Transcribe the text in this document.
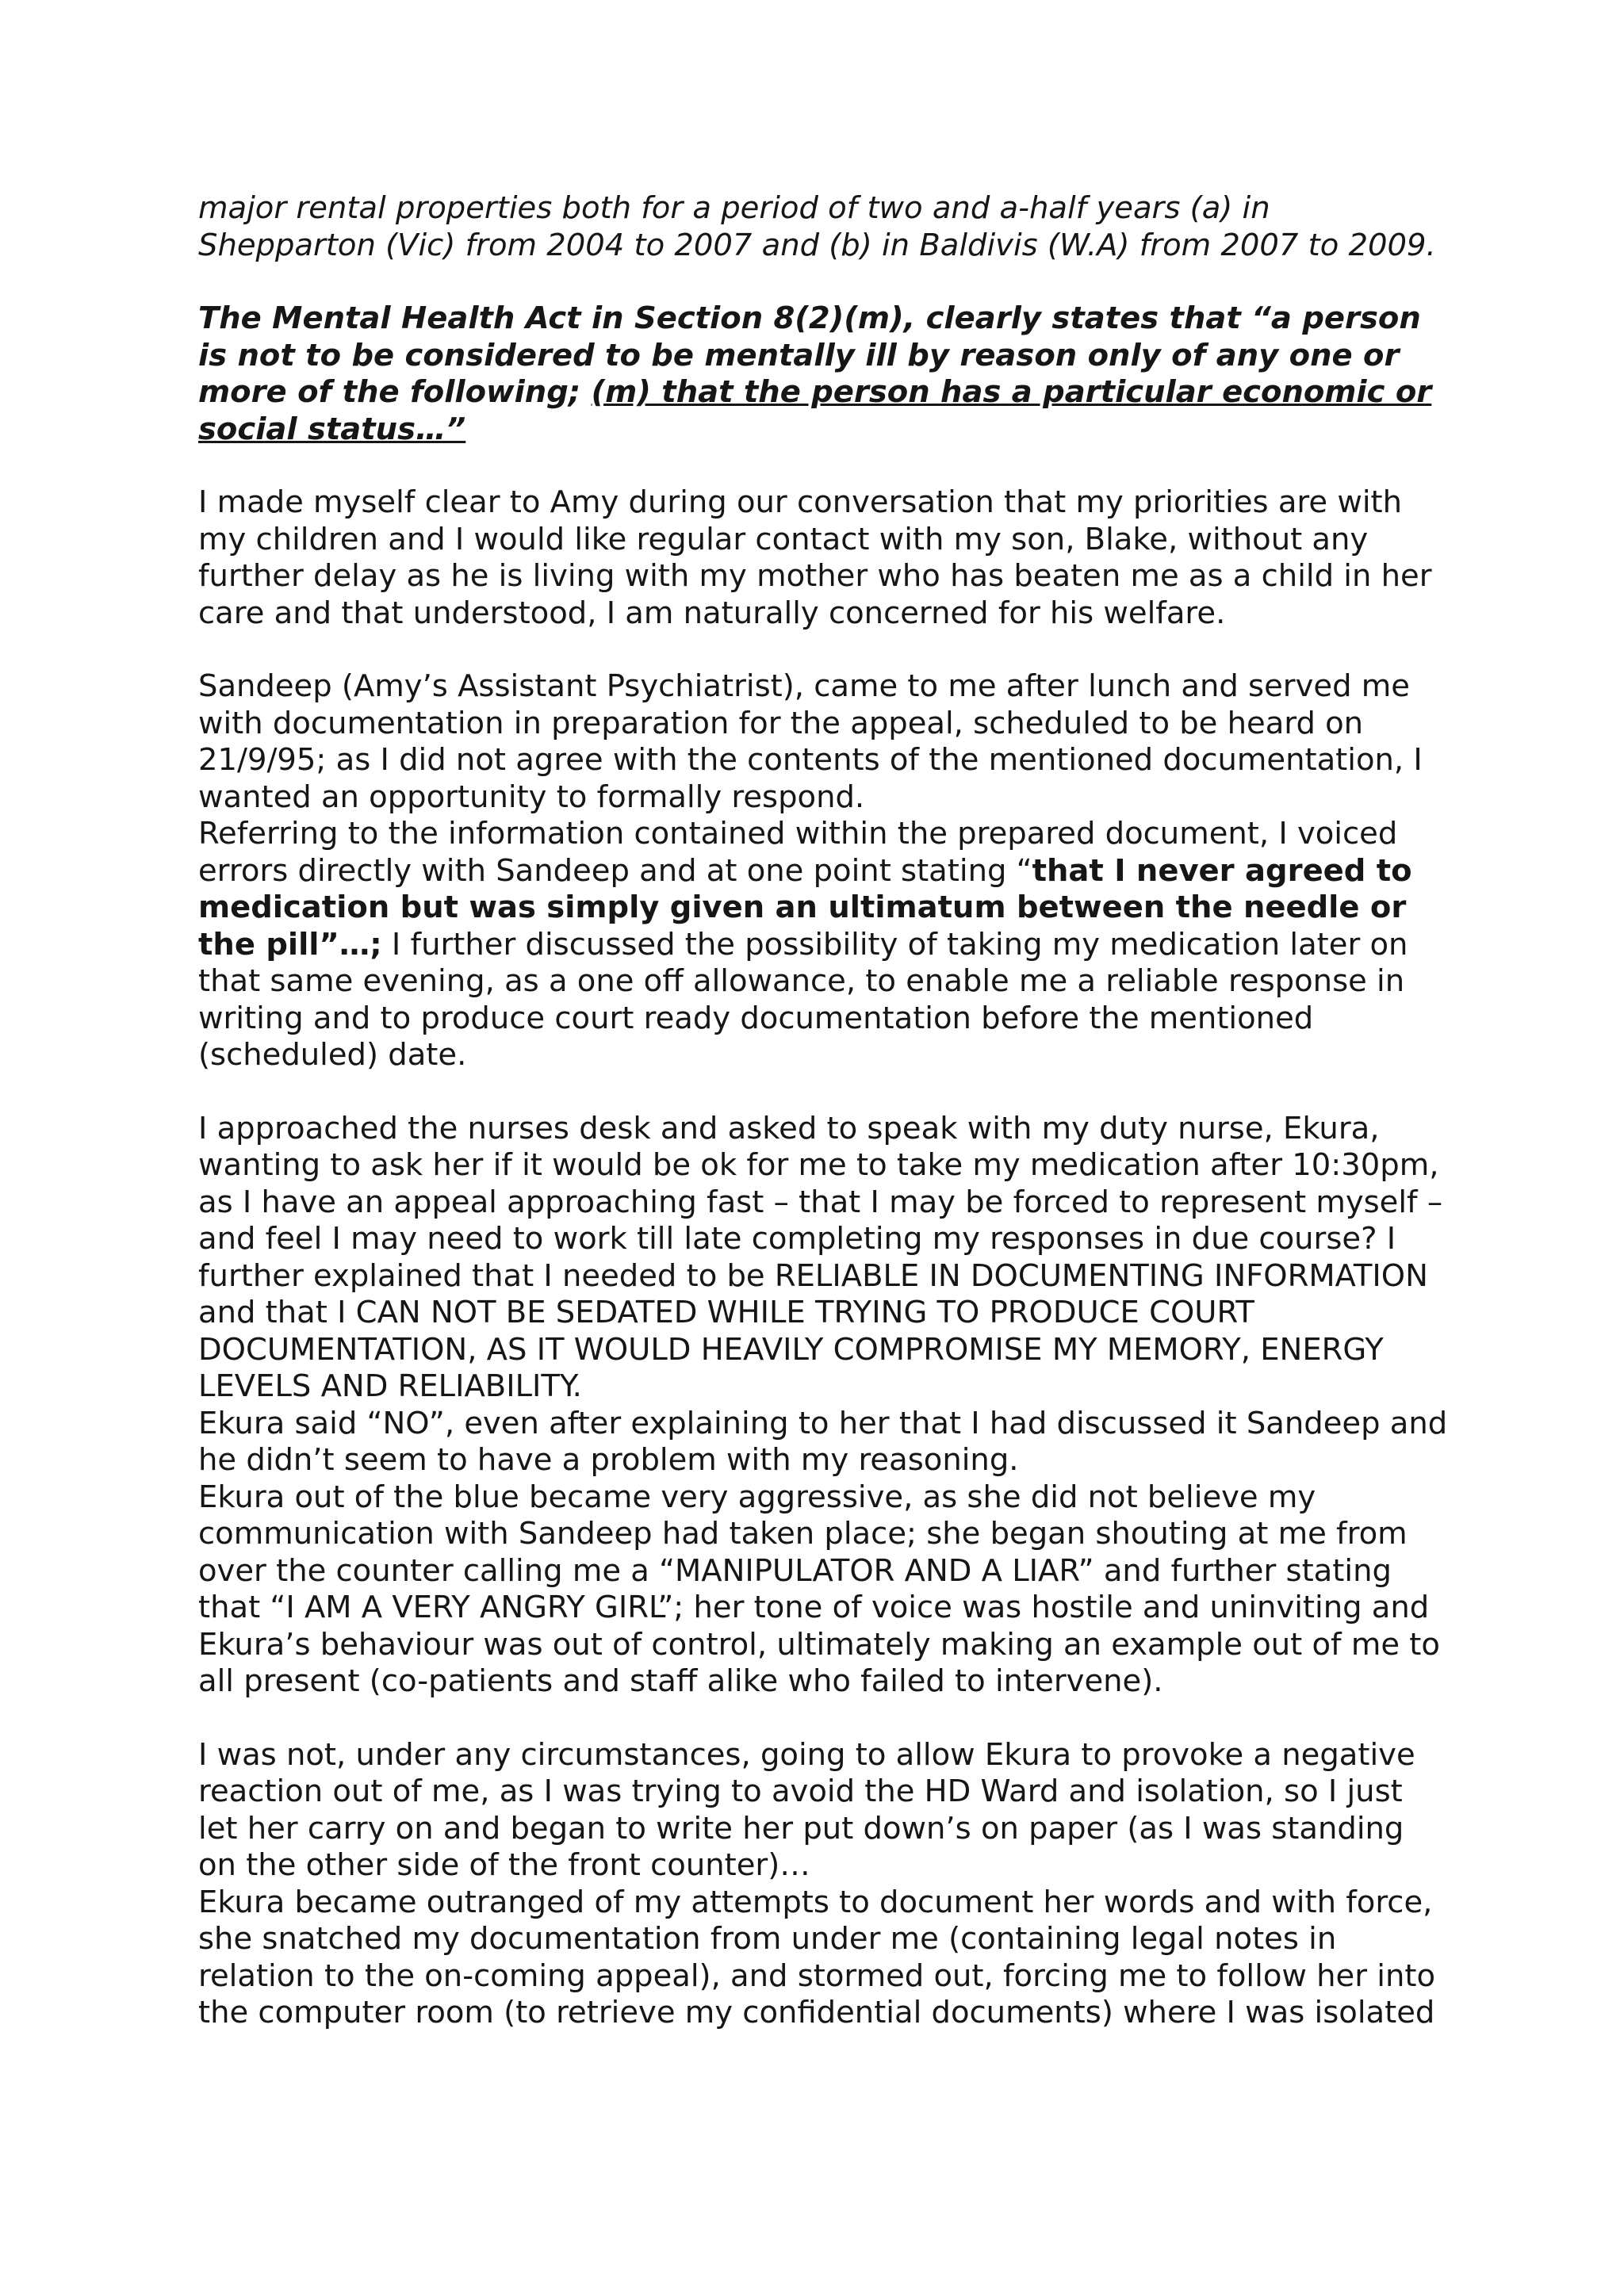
major rental properties both for a period of two and a-half years (a) in Shepparton (Vic) from 2004 to 2007 and (b) in Baldivis (W.A) from 2007 to 2009.

The Mental Health Act in Section 8(2)(m), clearly states that “a person is not to be considered to be mentally ill by reason only of any one or more of the following; (m) that the person has a particular economic or social status…”

I made myself clear to Amy during our conversation that my priorities are with my children and I would like regular contact with my son, Blake, without any further delay as he is living with my mother who has beaten me as a child in her care and that understood, I am naturally concerned for his welfare.

Sandeep (Amy’s Assistant Psychiatrist), came to me after lunch and served me with documentation in preparation for the appeal, scheduled to be heard on 21/9/95; as I did not agree with the contents of the mentioned documentation, I wanted an opportunity to formally respond.

Referring to the information contained within the prepared document, I voiced errors directly with Sandeep and at one point stating “that I never agreed to medication but was simply given an ultimatum between the needle or the pill”…; I further discussed the possibility of taking my medication later on that same evening, as a one off allowance, to enable me a reliable response in writing and to produce court ready documentation before the mentioned (scheduled) date.

I approached the nurses desk and asked to speak with my duty nurse, Ekura, wanting to ask her if it would be ok for me to take my medication after 10:30pm, as I have an appeal approaching fast – that I may be forced to represent myself – and feel I may need to work till late completing my responses in due course? I further explained that I needed to be RELIABLE IN DOCUMENTING INFORMATION and that I CAN NOT BE SEDATED WHILE TRYING TO PRODUCE COURT DOCUMENTATION, AS IT WOULD HEAVILY COMPROMISE MY MEMORY, ENERGY LEVELS AND RELIABILITY.

Ekura said “NO”, even after explaining to her that I had discussed it Sandeep and he didn’t seem to have a problem with my reasoning.

Ekura out of the blue became very aggressive, as she did not believe my communication with Sandeep had taken place; she began shouting at me from over the counter calling me a “MANIPULATOR AND A LIAR” and further stating that “I AM A VERY ANGRY GIRL”; her tone of voice was hostile and uninviting and Ekura’s behaviour was out of control, ultimately making an example out of me to all present (co-patients and staff alike who failed to intervene).

I was not, under any circumstances, going to allow Ekura to provoke a negative reaction out of me, as I was trying to avoid the HD Ward and isolation, so I just let her carry on and began to write her put down’s on paper (as I was standing on the other side of the front counter)…

Ekura became outranged of my attempts to document her words and with force, she snatched my documentation from under me (containing legal notes in relation to the on-coming appeal), and stormed out, forcing me to follow her into the computer room (to retrieve my confidential documents) where I was isolated
